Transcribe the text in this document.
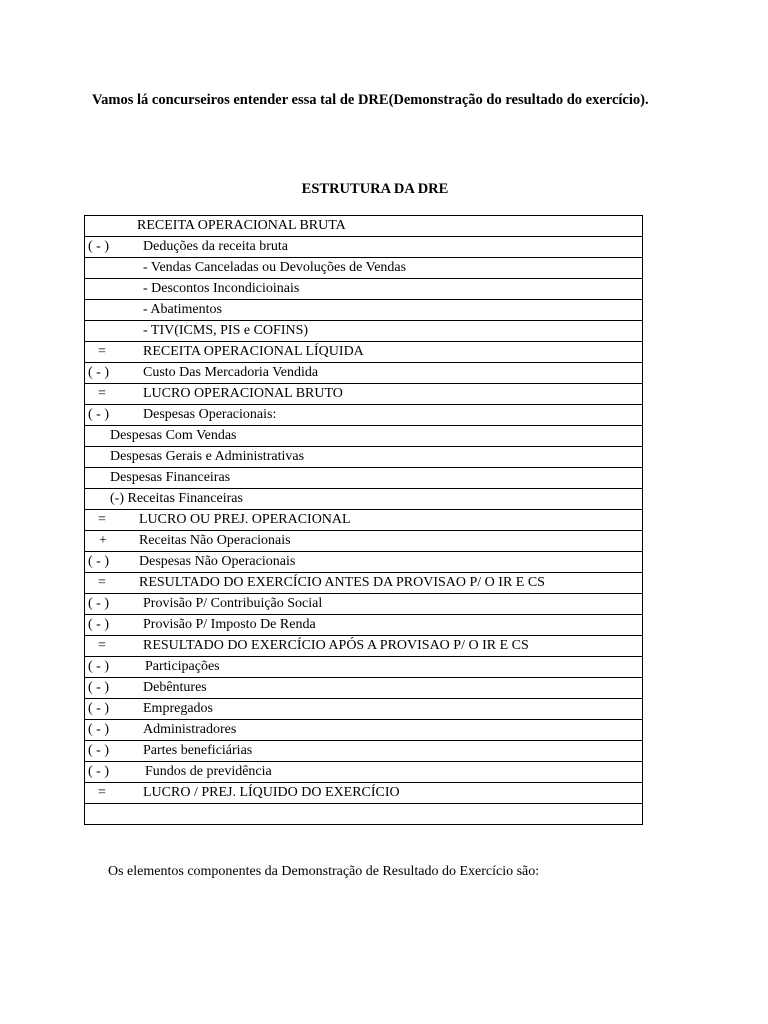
Vamos lá concurseiros entender essa tal de DRE(Demonstração do resultado do exercício).

ESTRUTURA DA DRE

RECEITA OPERACIONAL BRUTA

( - ) Deduções da receita bruta

- Vendas Canceladas ou Devoluções de Vendas

- Descontos Incondicioinais

- Abatimentos

- TIV(ICMS, PIS e COFINS)

=	RECEITA OPERACIONAL LÍQUIDA

( - ) Custo Das Mercadoria Vendida

=	LUCRO OPERACIONAL BRUTO

( - ) Despesas Operacionais:

Despesas Com Vendas

Despesas Gerais e Administrativas

Despesas Financeiras

(-) Receitas Financeiras

= LUCRO OU PREJ. OPERACIONAL

+ Receitas Não Operacionais

( - ) Despesas Não Operacionais

= RESULTADO DO EXERCÍCIO ANTES DA PROVISAO P/ O IR E CS

( - ) Provisão P/ Contribuição Social

( - ) Provisão P/ Imposto De Renda

=	RESULTADO DO EXERCÍCIO APÓS A PROVISAO P/ O IR E CS

( - )	Participações

( - ) Debêntures

( - ) Empregados

( - ) Administradores

( - ) Partes beneficiárias

( - )	Fundos de previdência

=	LUCRO / PREJ. LÍQUIDO DO EXERCÍCIO

Os elementos componentes da Demonstração de Resultado do Exercício são:
